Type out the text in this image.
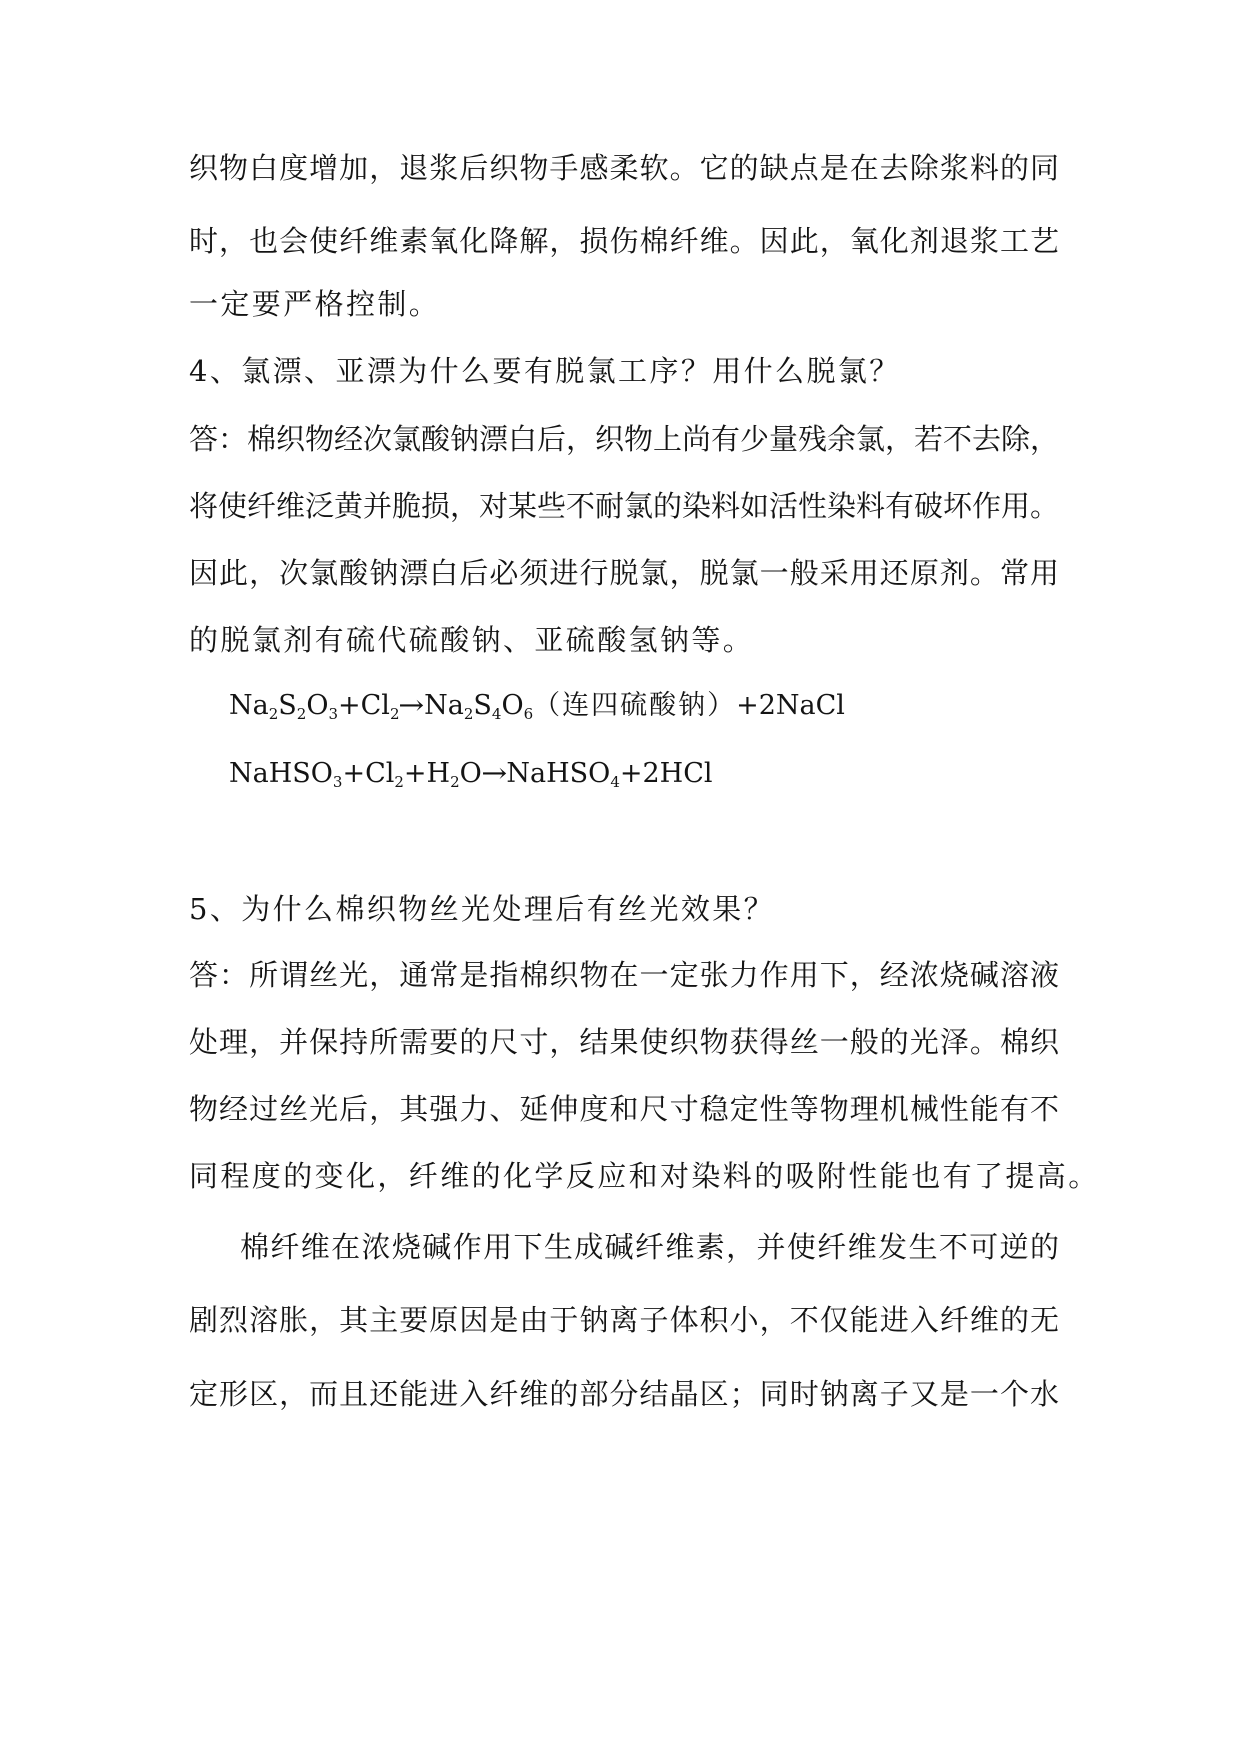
织物白度增加，退浆后织物手感柔软。它的缺点是在去除浆料的同
时，也会使纤维素氧化降解，损伤棉纤维。因此，氧化剂退浆工艺
一定要严格控制。
4、氯漂、亚漂为什么要有脱氯工序？用什么脱氯？
答：棉织物经次氯酸钠漂白后，织物上尚有少量残余氯，若不去除，
将使纤维泛黄并脆损，对某些不耐氯的染料如活性染料有破坏作用。
因此，次氯酸钠漂白后必须进行脱氯，脱氯一般采用还原剂。常用
的脱氯剂有硫代硫酸钠、亚硫酸氢钠等。
$Na_2S_2O_3+Cl_2\to Na_2S_4O_6$（连四硫酸钠）+2NaCl
$NaHSO_3+Cl_2+H_2O\to NaHSO_4+2HCl$
5、为什么棉织物丝光处理后有丝光效果？
答：所谓丝光，通常是指棉织物在一定张力作用下，经浓烧碱溶液
处理，并保持所需要的尺寸，结果使织物获得丝一般的光泽。棉织
物经过丝光后，其强力、延伸度和尺寸稳定性等物理机械性能有不
同程度的变化，纤维的化学反应和对染料的吸附性能也有了提高。
棉纤维在浓烧碱作用下生成碱纤维素，并使纤维发生不可逆的
剧烈溶胀，其主要原因是由于钠离子体积小，不仅能进入纤维的无
定形区，而且还能进入纤维的部分结晶区；同时钠离子又是一个水
